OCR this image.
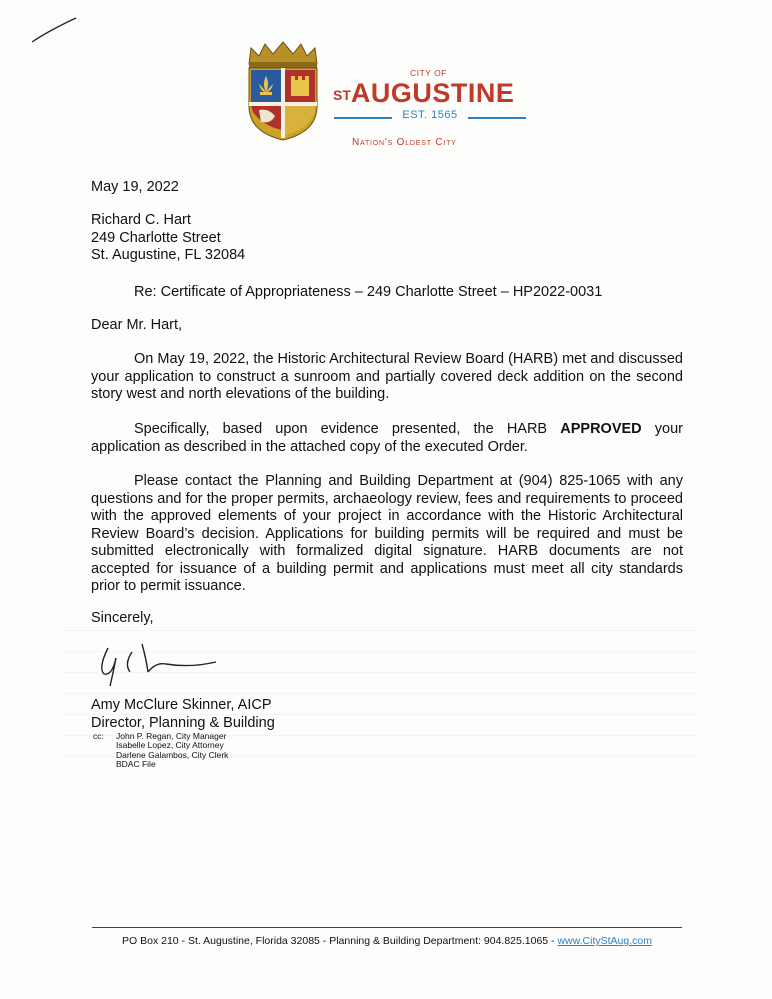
CITY OF
STAUGUSTINE
EST. 1565
Nation's Oldest City
May 19, 2022
Richard C. Hart
249 Charlotte Street
St. Augustine, FL 32084
Re: Certificate of Appropriateness – 249 Charlotte Street – HP2022-0031
Dear Mr. Hart,
On May 19, 2022, the Historic Architectural Review Board (HARB) met and discussed your application to construct a sunroom and partially covered deck addition on the second story west and north elevations of the building.
Specifically, based upon evidence presented, the HARB APPROVED your application as described in the attached copy of the executed Order.
Please contact the Planning and Building Department at (904) 825-1065 with any questions and for the proper permits, archaeology review, fees and requirements to proceed with the approved elements of your project in accordance with the Historic Architectural Review Board’s decision. Applications for building permits will be required and must be submitted electronically with formalized digital signature. HARB documents are not accepted for issuance of a building permit and applications must meet all city standards prior to permit issuance.
Sincerely,
Amy McClure Skinner, AICP
Director, Planning & Building
cc:	John P. Regan, City Manager
Isabelle Lopez, City Attorney
Darlene Galambos, City Clerk
BDAC File
PO Box 210 - St. Augustine, Florida 32085 - Planning & Building Department: 904.825.1065 - www.CityStAug.com
